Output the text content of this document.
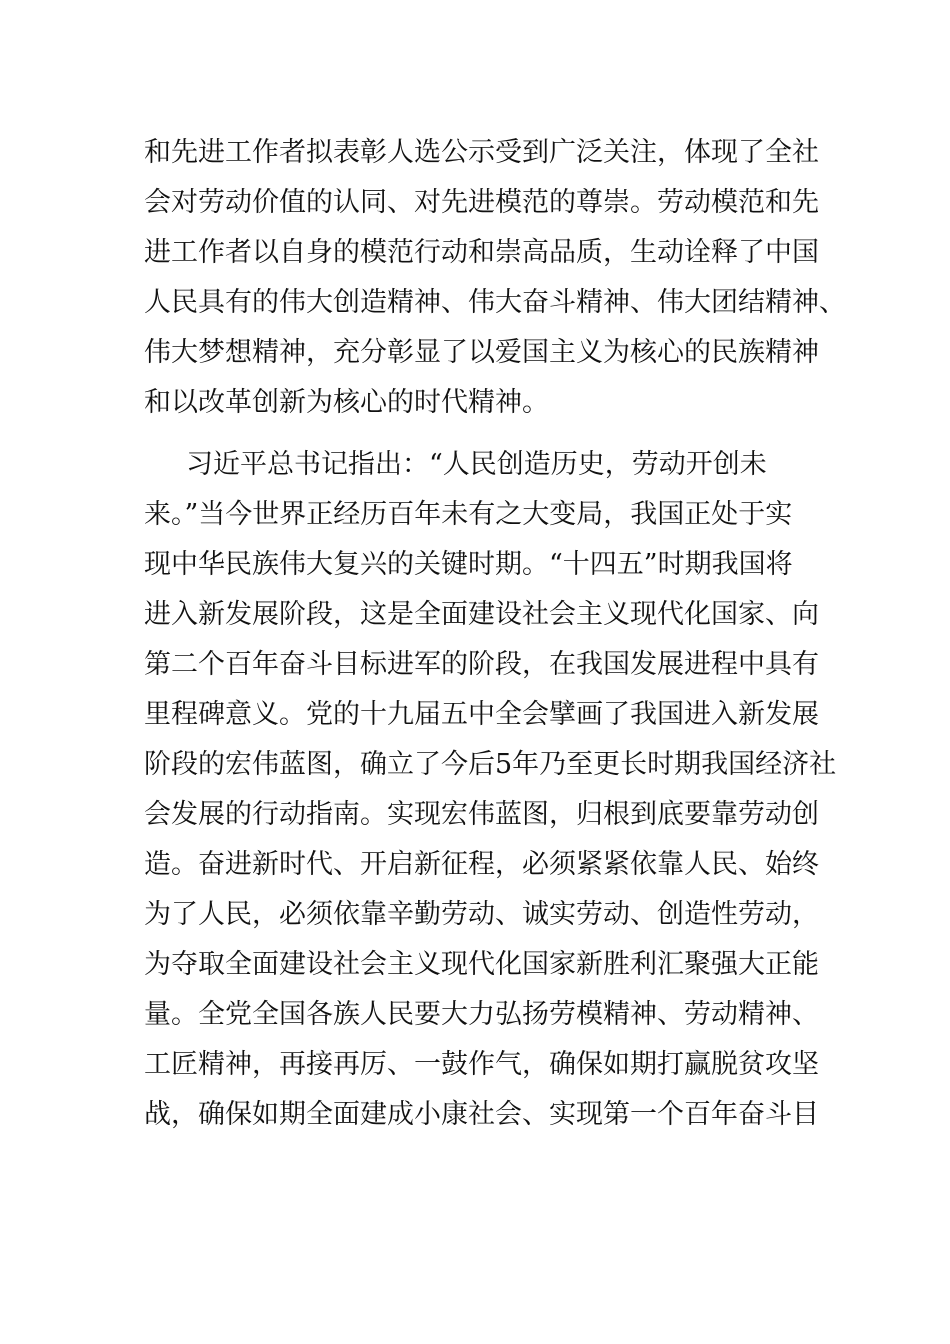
和先进工作者拟表彰人选公示受到广泛关注，体现了全社
会对劳动价值的认同、对先进模范的尊崇。劳动模范和先
进工作者以自身的模范行动和崇高品质，生动诠释了中国
人民具有的伟大创造精神、伟大奋斗精神、伟大团结精神、
伟大梦想精神，充分彰显了以爱国主义为核心的民族精神
和以改革创新为核心的时代精神。
习近平总书记指出：“人民创造历史，劳动开创未
来。”当今世界正经历百年未有之大变局，我国正处于实
现中华民族伟大复兴的关键时期。“十四五”时期我国将
进入新发展阶段，这是全面建设社会主义现代化国家、向
第二个百年奋斗目标进军的阶段，在我国发展进程中具有
里程碑意义。党的十九届五中全会擘画了我国进入新发展
阶段的宏伟蓝图，确立了今后5年乃至更长时期我国经济社
会发展的行动指南。实现宏伟蓝图，归根到底要靠劳动创
造。奋进新时代、开启新征程，必须紧紧依靠人民、始终
为了人民，必须依靠辛勤劳动、诚实劳动、创造性劳动，
为夺取全面建设社会主义现代化国家新胜利汇聚强大正能
量。全党全国各族人民要大力弘扬劳模精神、劳动精神、
工匠精神，再接再厉、一鼓作气，确保如期打赢脱贫攻坚
战，确保如期全面建成小康社会、实现第一个百年奋斗目
